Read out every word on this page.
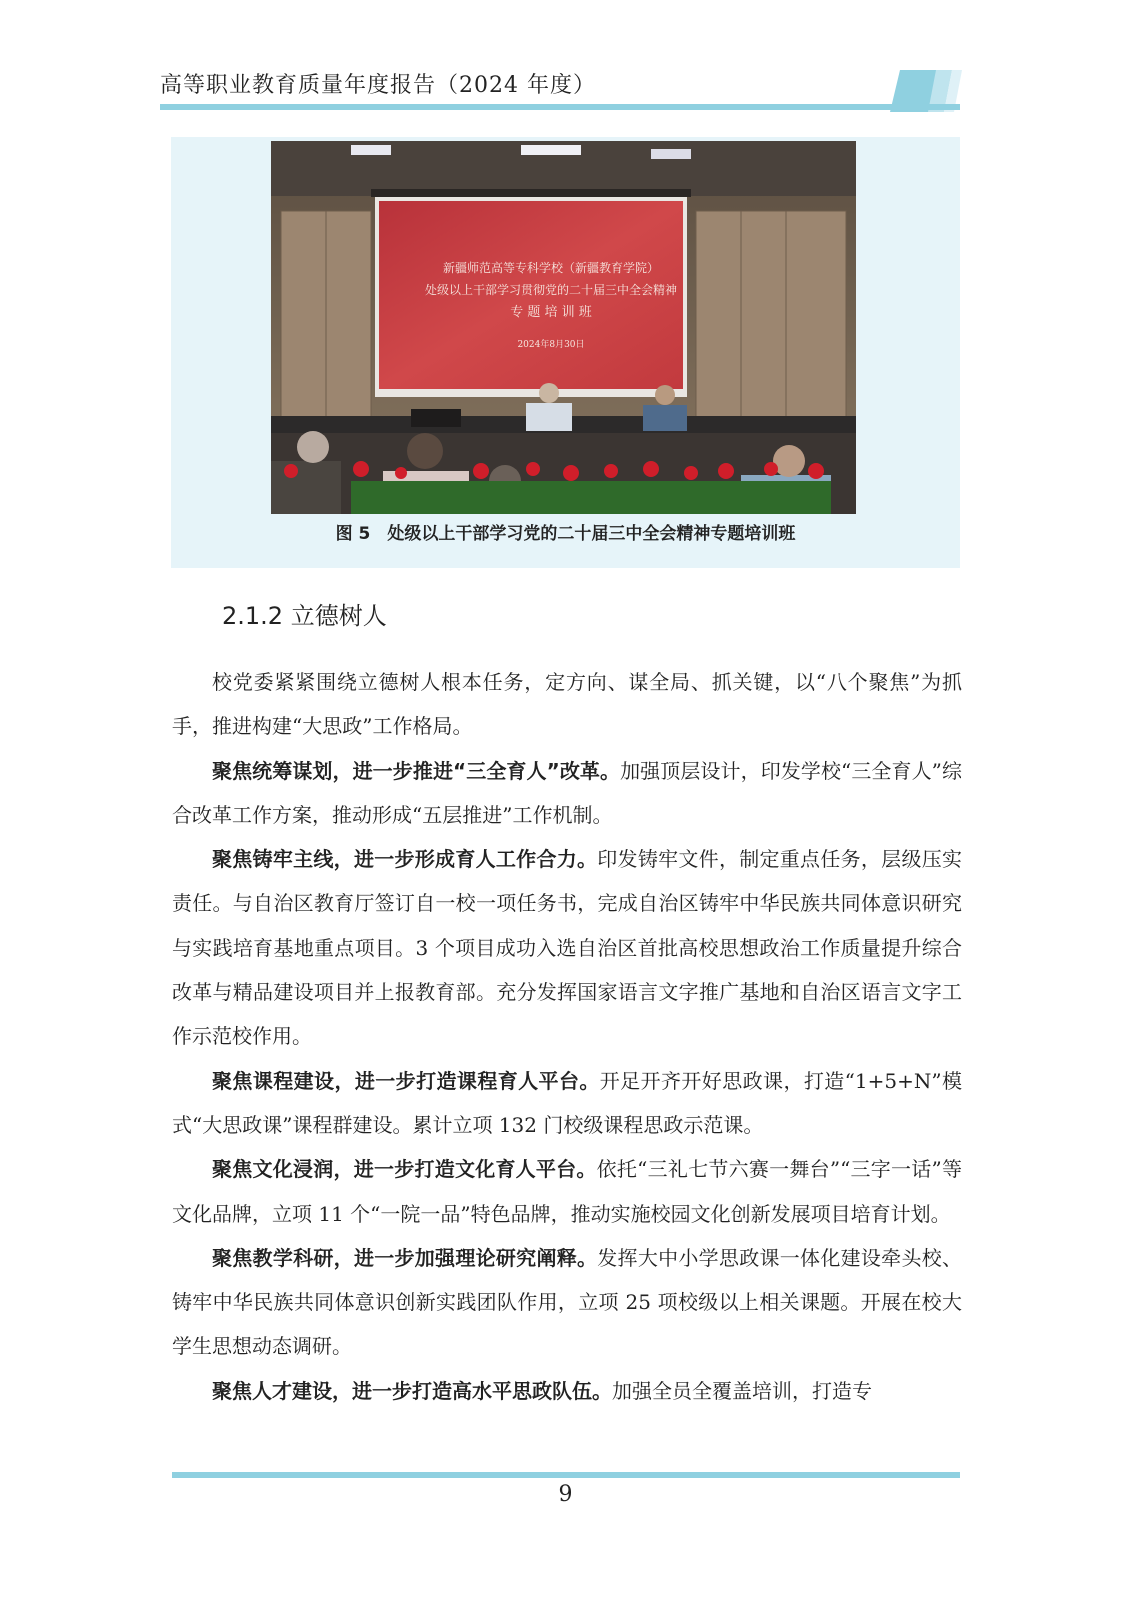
高等职业教育质量年度报告（2024 年度）
新疆师范高等专科学校（新疆教育学院）
处级以上干部学习贯彻党的二十届三中全会精神
专 题 培 训 班
2024年8月30日
图 5　处级以上干部学习党的二十届三中全会精神专题培训班
2.1.2 立德树人

校党委紧紧围绕立德树人根本任务，定方向、谋全局、抓关键，以“八个聚焦”为抓手，推进构建“大思政”工作格局。

聚焦统筹谋划，进一步推进“三全育人”改革。加强顶层设计，印发学校“三全育人”综合改革工作方案，推动形成“五层推进”工作机制。

聚焦铸牢主线，进一步形成育人工作合力。印发铸牢文件，制定重点任务，层级压实责任。与自治区教育厅签订自一校一项任务书，完成自治区铸牢中华民族共同体意识研究与实践培育基地重点项目。3 个项目成功入选自治区首批高校思想政治工作质量提升综合改革与精品建设项目并上报教育部。充分发挥国家语言文字推广基地和自治区语言文字工作示范校作用。

聚焦课程建设，进一步打造课程育人平台。开足开齐开好思政课，打造“1+5+N”模式“大思政课”课程群建设。累计立项 132 门校级课程思政示范课。

聚焦文化浸润，进一步打造文化育人平台。依托“三礼七节六赛一舞台”“三字一话”等文化品牌，立项 11 个“一院一品”特色品牌，推动实施校园文化创新发展项目培育计划。

聚焦教学科研，进一步加强理论研究阐释。发挥大中小学思政课一体化建设牵头校、铸牢中华民族共同体意识创新实践团队作用，立项 25 项校级以上相关课题。开展在校大学生思想动态调研。

聚焦人才建设，进一步打造高水平思政队伍。加强全员全覆盖培训，打造专

9
